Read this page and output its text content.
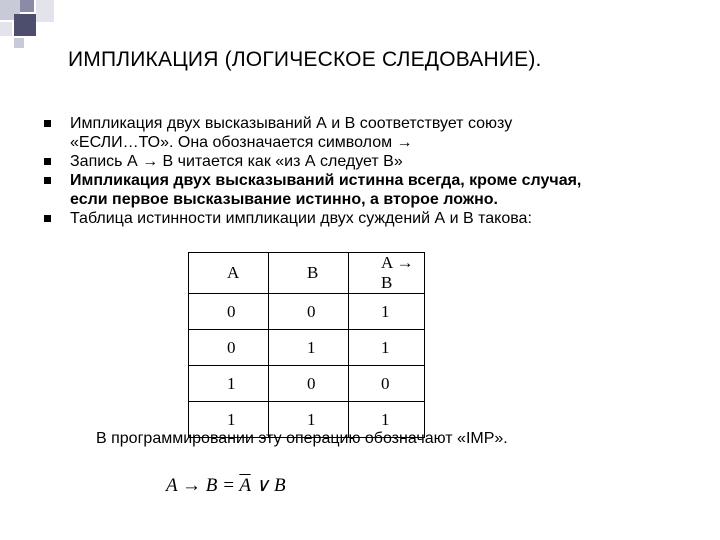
ИМПЛИКАЦИЯ (ЛОГИЧЕСКОЕ СЛЕДОВАНИЕ).

Импликация двух высказываний А и В соответствует союзу
«ЕСЛИ…ТО». Она обозначается символом →

Запись А → В читается как «из А следует В»

Импликация двух высказываний истинна всегда, кроме случая,
если первое высказывание истинно, а второе ложно.

Таблица истинности импликации двух суждений А и В такова:

A	B	A → B
0	0	1
0	1	1
1	0	0
1	1	1
В программировании эту операцию обозначают «IMP».
$A \to B = \overline{A}$ ∨ B
